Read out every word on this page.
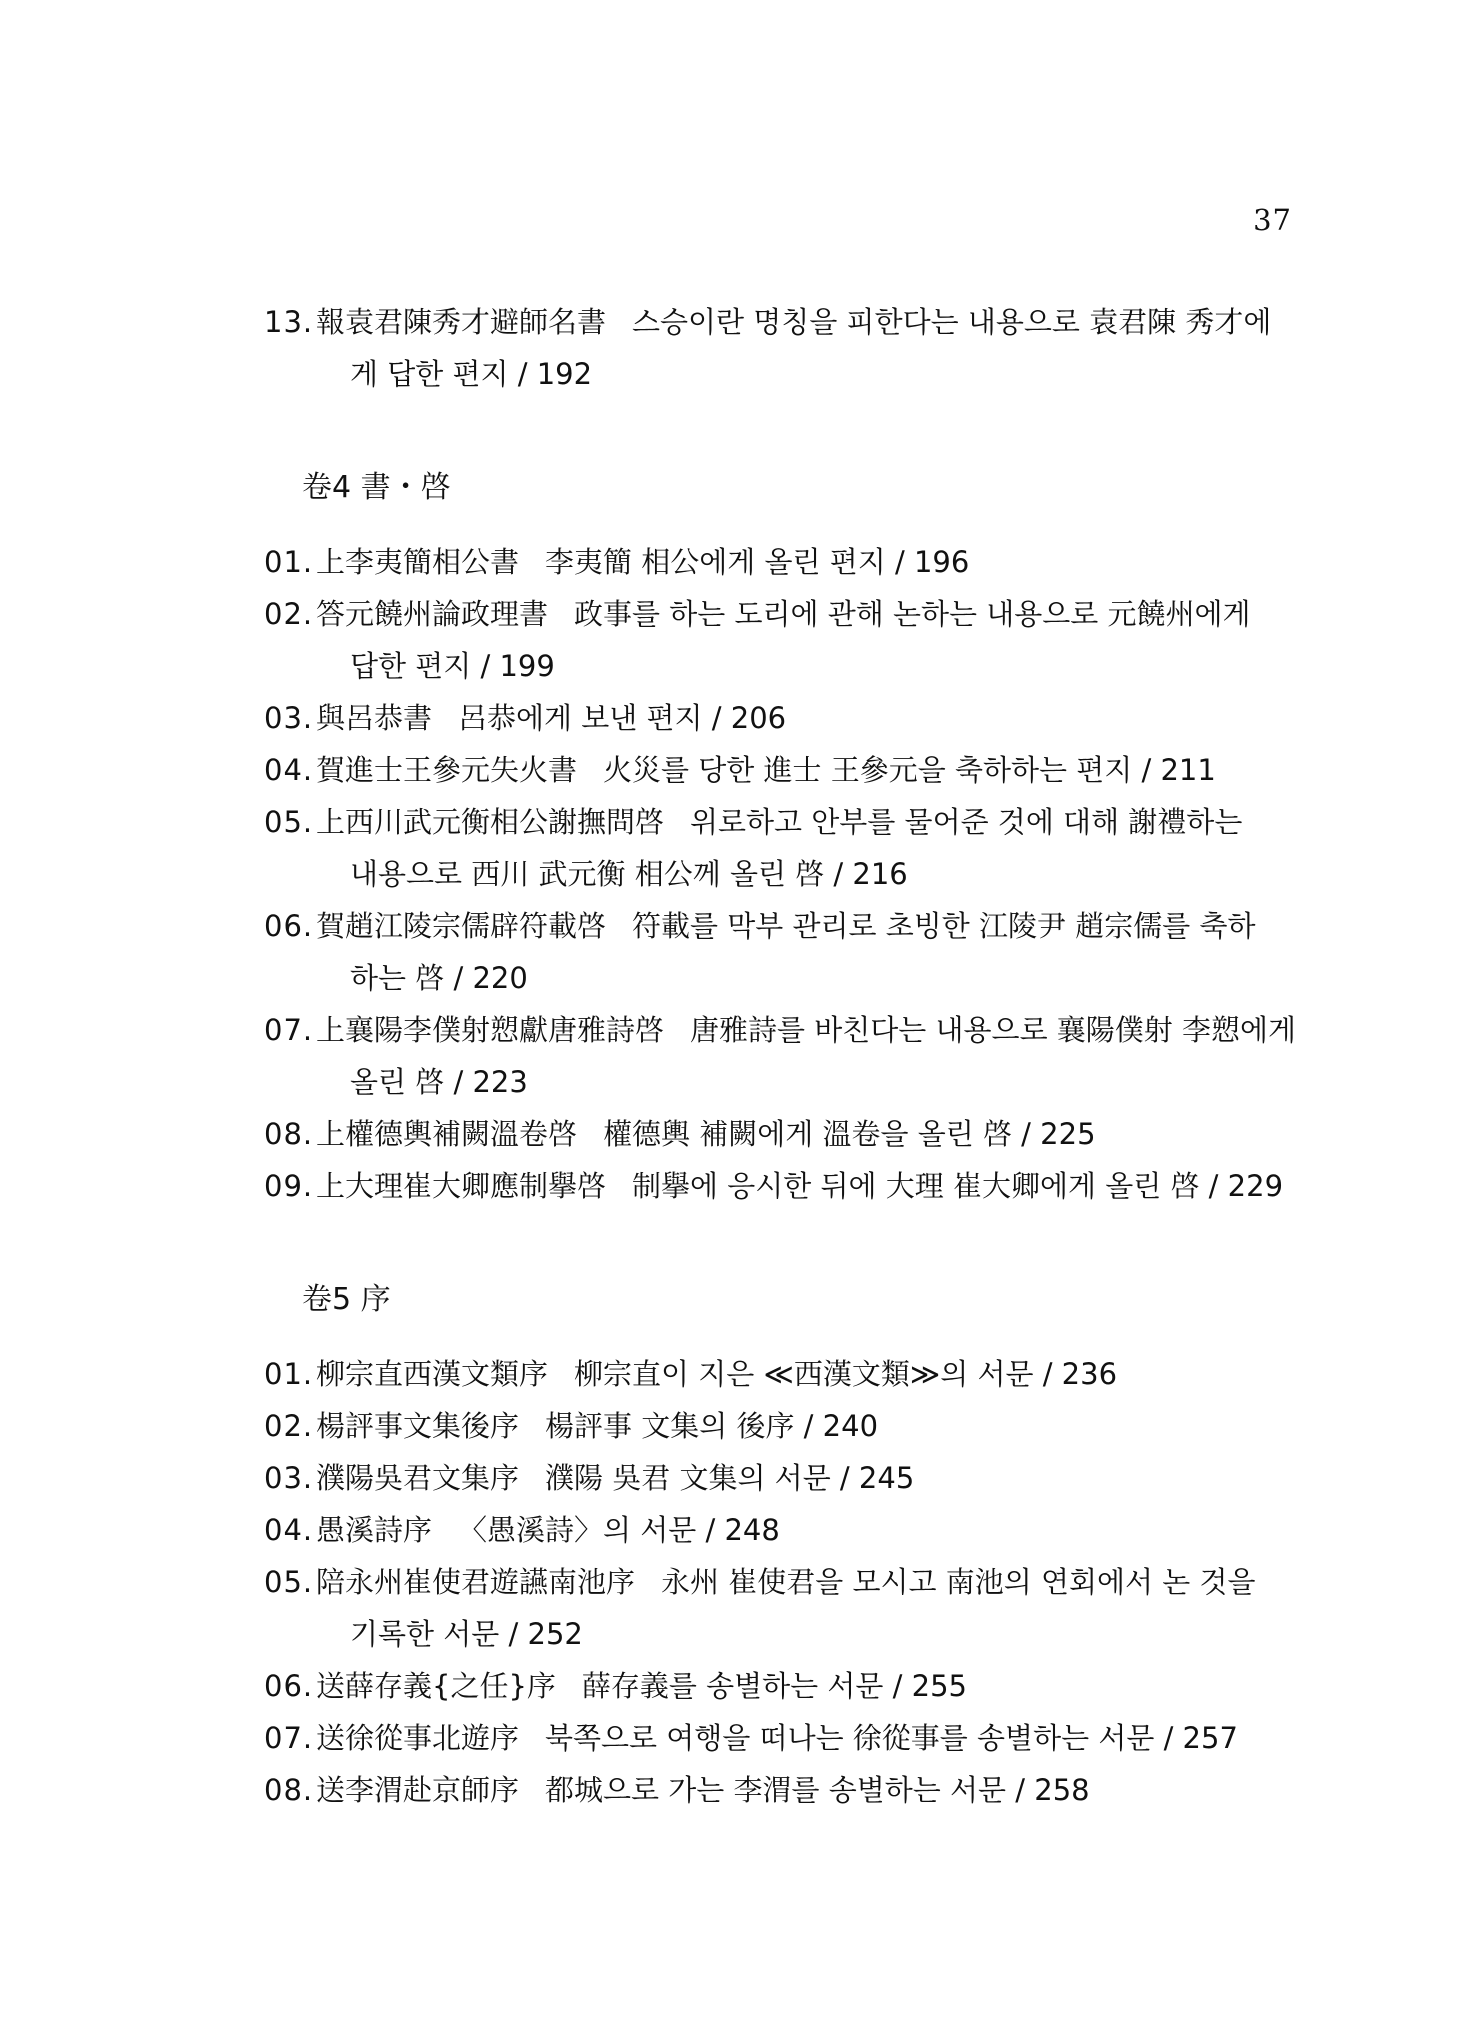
37
13.報袁君陳秀才避師名書 스승이란 명칭을 피한다는 내용으로 袁君陳 秀才에
게 답한 편지 / 192
卷4 書・啓
01.上李夷簡相公書 李夷簡 相公에게 올린 편지 / 196
02.答元饒州論政理書 政事를 하는 도리에 관해 논하는 내용으로 元饒州에게
답한 편지 / 199
03.與呂恭書 呂恭에게 보낸 편지 / 206
04.賀進士王參元失火書 火災를 당한 進士 王參元을 축하하는 편지 / 211
05.上西川武元衡相公謝撫問啓 위로하고 안부를 물어준 것에 대해 謝禮하는
내용으로 西川 武元衡 相公께 올린 啓 / 216
06.賀趙江陵宗儒辟符載啓 符載를 막부 관리로 초빙한 江陵尹 趙宗儒를 축하
하는 啓 / 220
07.上襄陽李僕射愬獻唐雅詩啓 唐雅詩를 바친다는 내용으로 襄陽僕射 李愬에게
올린 啓 / 223
08.上權德輿補闕溫卷啓 權德輿 補闕에게 溫卷을 올린 啓 / 225
09.上大理崔大卿應制擧啓 制擧에 응시한 뒤에 大理 崔大卿에게 올린 啓 / 229
卷5 序
01.柳宗直西漢文類序 柳宗直이 지은 ≪西漢文類≫의 서문 / 236
02.楊評事文集後序 楊評事 文集의 後序 / 240
03.濮陽吳君文集序 濮陽 吳君 文集의 서문 / 245
04.愚溪詩序 〈愚溪詩〉의 서문 / 248
05.陪永州崔使君遊讌南池序 永州 崔使君을 모시고 南池의 연회에서 논 것을
기록한 서문 / 252
06.送薛存義{之任}序 薛存義를 송별하는 서문 / 255
07.送徐從事北遊序 북쪽으로 여행을 떠나는 徐從事를 송별하는 서문 / 257
08.送李渭赴京師序 都城으로 가는 李渭를 송별하는 서문 / 258
